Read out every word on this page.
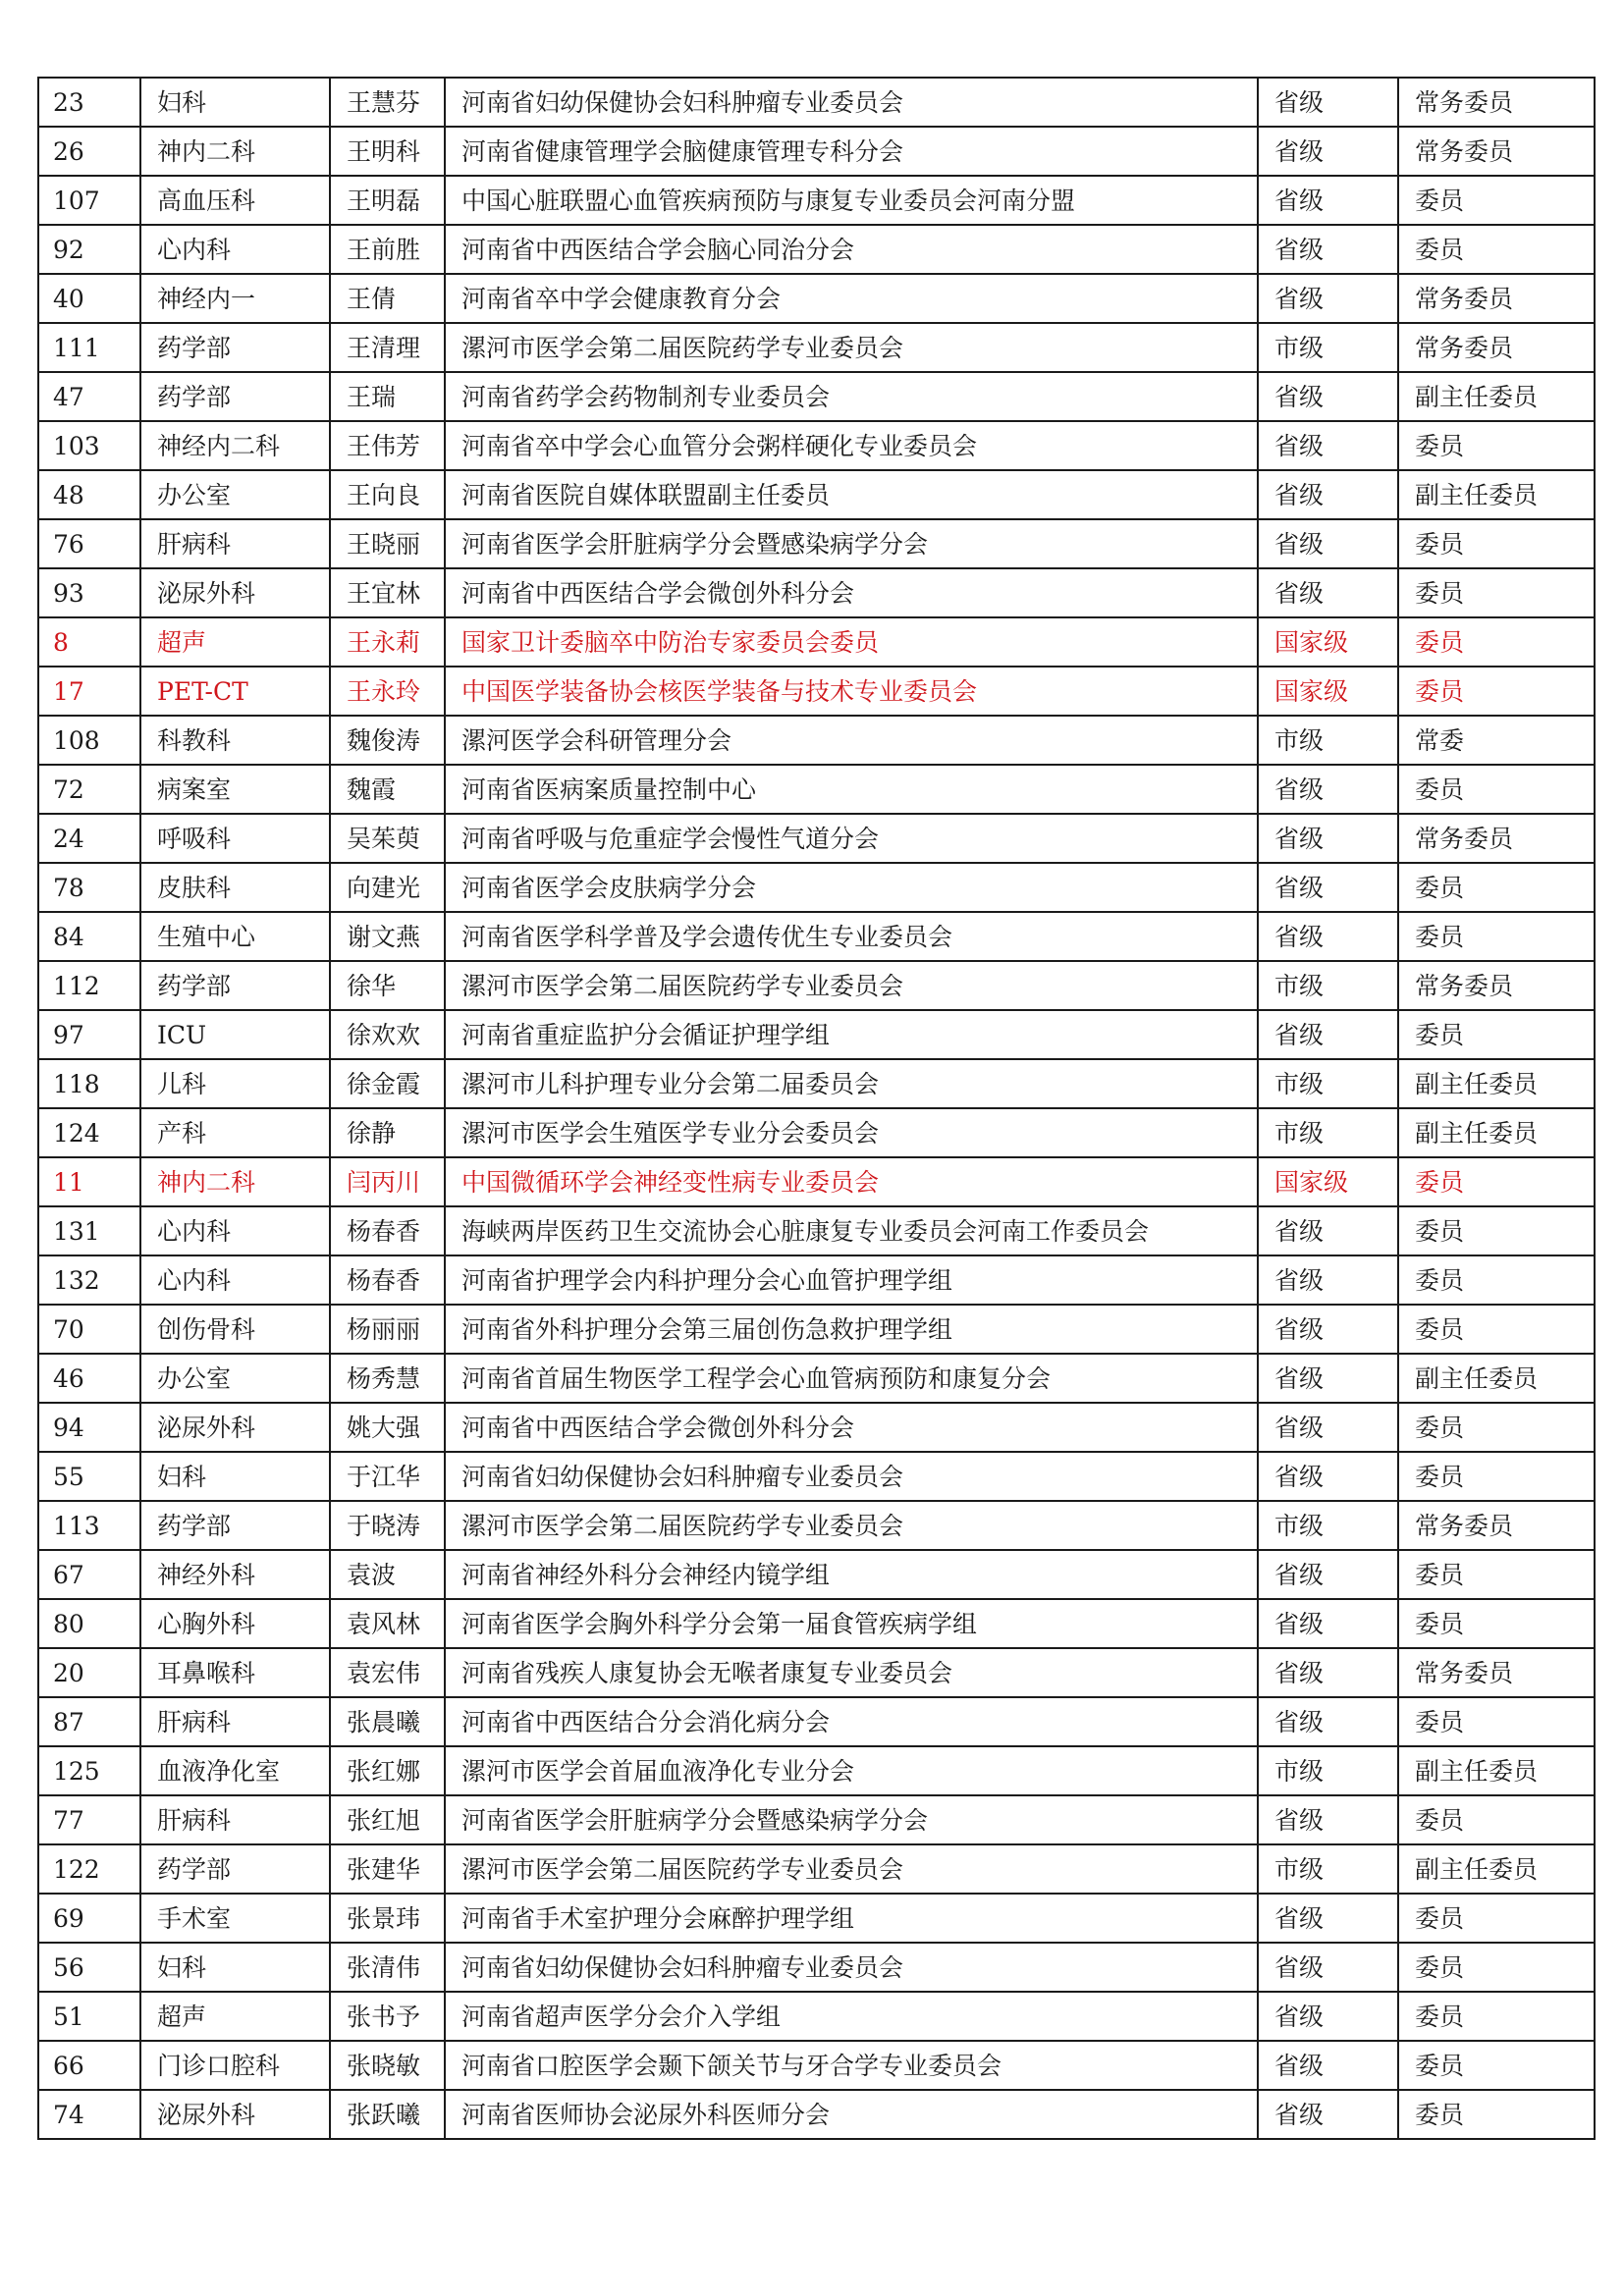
23	妇科	王慧芬	河南省妇幼保健协会妇科肿瘤专业委员会	省级	常务委员
26	神内二科	王明科	河南省健康管理学会脑健康管理专科分会	省级	常务委员
107	高血压科	王明磊	中国心脏联盟心血管疾病预防与康复专业委员会河南分盟	省级	委员
92	心内科	王前胜	河南省中西医结合学会脑心同治分会	省级	委员
40	神经内一	王倩	河南省卒中学会健康教育分会	省级	常务委员
111	药学部	王清理	漯河市医学会第二届医院药学专业委员会	市级	常务委员
47	药学部	王瑞	河南省药学会药物制剂专业委员会	省级	副主任委员
103	神经内二科	王伟芳	河南省卒中学会心血管分会粥样硬化专业委员会	省级	委员
48	办公室	王向良	河南省医院自媒体联盟副主任委员	省级	副主任委员
76	肝病科	王晓丽	河南省医学会肝脏病学分会暨感染病学分会	省级	委员
93	泌尿外科	王宜林	河南省中西医结合学会微创外科分会	省级	委员
8	超声	王永莉	国家卫计委脑卒中防治专家委员会委员	国家级	委员
17	PET-CT	王永玲	中国医学装备协会核医学装备与技术专业委员会	国家级	委员
108	科教科	魏俊涛	漯河医学会科研管理分会	市级	常委
72	病案室	魏霞	河南省医病案质量控制中心	省级	委员
24	呼吸科	吴茱萸	河南省呼吸与危重症学会慢性气道分会	省级	常务委员
78	皮肤科	向建光	河南省医学会皮肤病学分会	省级	委员
84	生殖中心	谢文燕	河南省医学科学普及学会遗传优生专业委员会	省级	委员
112	药学部	徐华	漯河市医学会第二届医院药学专业委员会	市级	常务委员
97	ICU	徐欢欢	河南省重症监护分会循证护理学组	省级	委员
118	儿科	徐金霞	漯河市儿科护理专业分会第二届委员会	市级	副主任委员
124	产科	徐静	漯河市医学会生殖医学专业分会委员会	市级	副主任委员
11	神内二科	闫丙川	中国微循环学会神经变性病专业委员会	国家级	委员
131	心内科	杨春香	海峡两岸医药卫生交流协会心脏康复专业委员会河南工作委员会	省级	委员
132	心内科	杨春香	河南省护理学会内科护理分会心血管护理学组	省级	委员
70	创伤骨科	杨丽丽	河南省外科护理分会第三届创伤急救护理学组	省级	委员
46	办公室	杨秀慧	河南省首届生物医学工程学会心血管病预防和康复分会	省级	副主任委员
94	泌尿外科	姚大强	河南省中西医结合学会微创外科分会	省级	委员
55	妇科	于江华	河南省妇幼保健协会妇科肿瘤专业委员会	省级	委员
113	药学部	于晓涛	漯河市医学会第二届医院药学专业委员会	市级	常务委员
67	神经外科	袁波	河南省神经外科分会神经内镜学组	省级	委员
80	心胸外科	袁风林	河南省医学会胸外科学分会第一届食管疾病学组	省级	委员
20	耳鼻喉科	袁宏伟	河南省残疾人康复协会无喉者康复专业委员会	省级	常务委员
87	肝病科	张晨曦	河南省中西医结合分会消化病分会	省级	委员
125	血液净化室	张红娜	漯河市医学会首届血液净化专业分会	市级	副主任委员
77	肝病科	张红旭	河南省医学会肝脏病学分会暨感染病学分会	省级	委员
122	药学部	张建华	漯河市医学会第二届医院药学专业委员会	市级	副主任委员
69	手术室	张景玮	河南省手术室护理分会麻醉护理学组	省级	委员
56	妇科	张清伟	河南省妇幼保健协会妇科肿瘤专业委员会	省级	委员
51	超声	张书予	河南省超声医学分会介入学组	省级	委员
66	门诊口腔科	张晓敏	河南省口腔医学会颞下颌关节与牙合学专业委员会	省级	委员
74	泌尿外科	张跃曦	河南省医师协会泌尿外科医师分会	省级	委员
